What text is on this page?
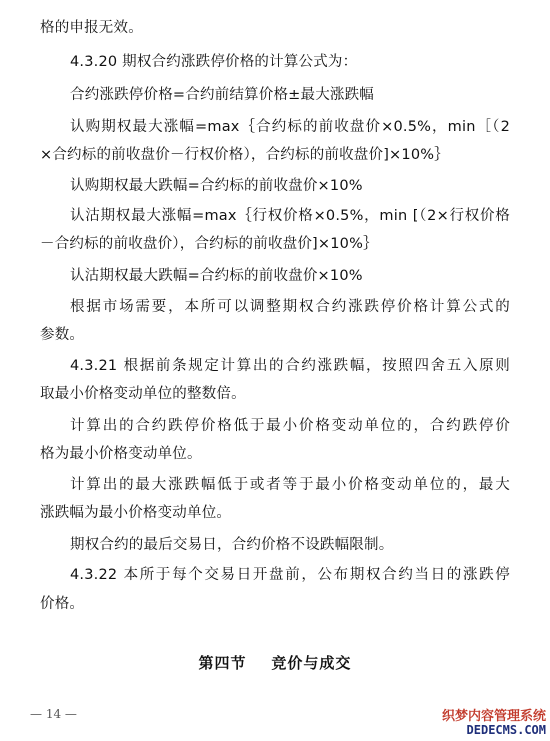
格的申报无效。
4.3.20 期权合约涨跌停价格的计算公式为：
合约涨跌停价格=合约前结算价格±最大涨跌幅
认购期权最大涨幅=max｛合约标的前收盘价×0.5%，min［（2
×合约标的前收盘价－行权价格），合约标的前收盘价]×10%｝
认购期权最大跌幅=合约标的前收盘价×10%
认沽期权最大涨幅=max｛行权价格×0.5%，min [（2×行权价格
－合约标的前收盘价），合约标的前收盘价]×10%｝
认沽期权最大跌幅=合约标的前收盘价×10%
根据市场需要，本所可以调整期权合约涨跌停价格计算公式的
参数。
4.3.21 根据前条规定计算出的合约涨跌幅，按照四舍五入原则
取最小价格变动单位的整数倍。
计算出的合约跌停价格低于最小价格变动单位的，合约跌停价
格为最小价格变动单位。
计算出的最大涨跌幅低于或者等于最小价格变动单位的，最大
涨跌幅为最小价格变动单位。
期权合约的最后交易日，合约价格不设跌幅限制。
4.3.22 本所于每个交易日开盘前，公布期权合约当日的涨跌停
价格。
第四节    竞价与成交
— 14 —	织梦内容管理系统
DEDECMS.COM
